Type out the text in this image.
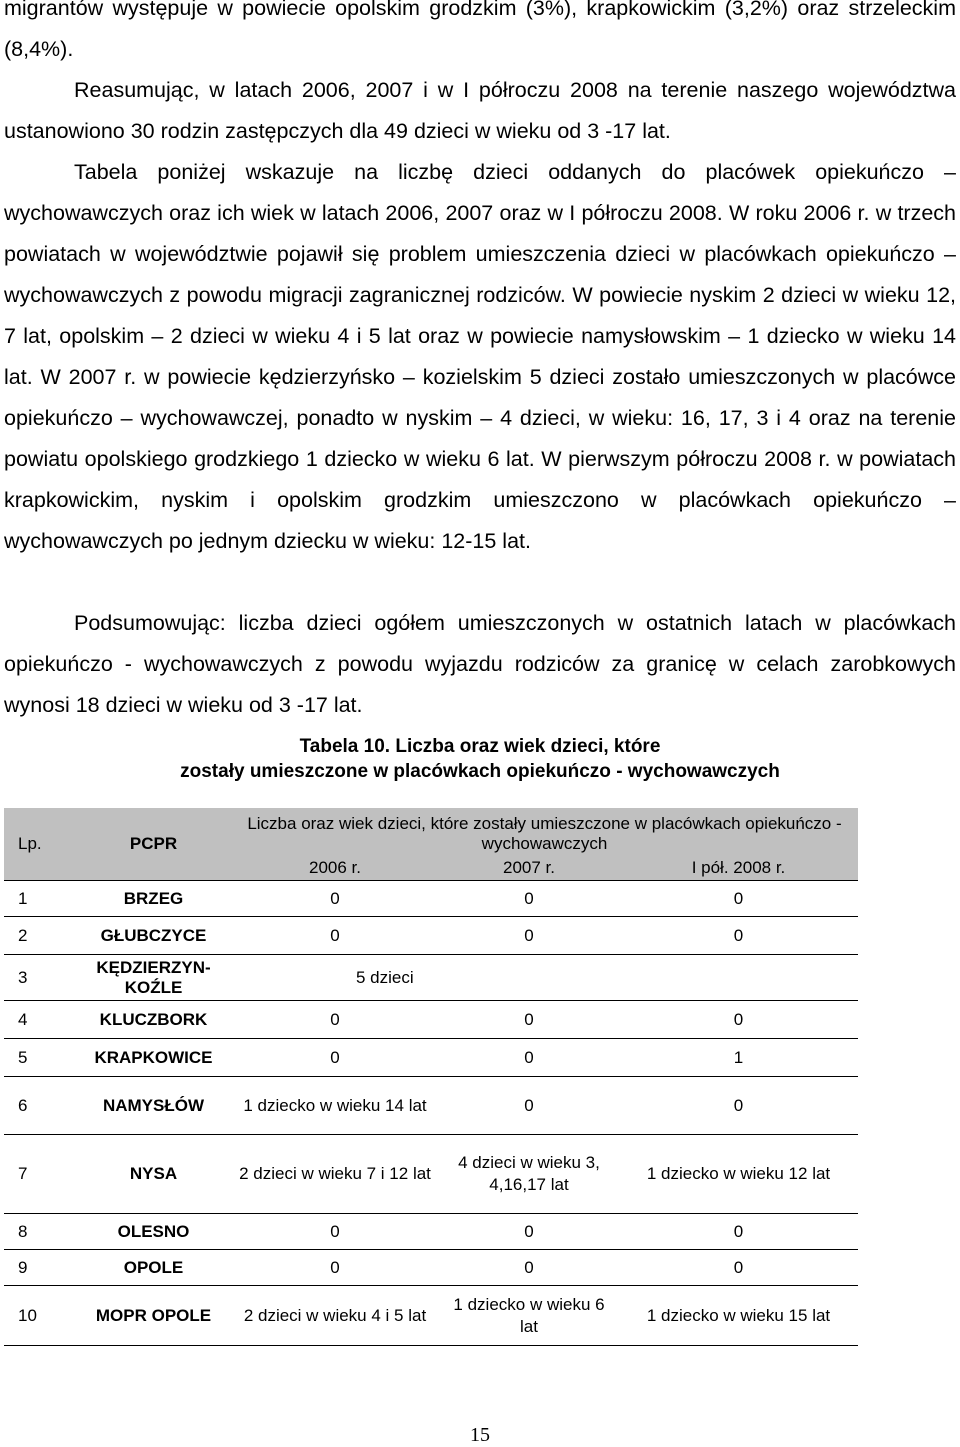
migrantów występuje w powiecie opolskim grodzkim (3%), krapkowickim (3,2%) oraz strzeleckim (8,4%).

Reasumując, w latach 2006, 2007 i w I półroczu 2008 na terenie naszego województwa ustanowiono 30 rodzin zastępczych dla 49 dzieci w wieku od 3 -17 lat.

Tabela poniżej wskazuje na liczbę dzieci oddanych do placówek opiekuńczo – wychowawczych oraz ich wiek w latach 2006, 2007 oraz w I półroczu 2008. W roku 2006 r. w trzech powiatach w województwie pojawił się problem umieszczenia dzieci w placówkach opiekuńczo – wychowawczych z powodu migracji zagranicznej rodziców. W powiecie nyskim 2 dzieci w wieku 12, 7 lat, opolskim – 2 dzieci w wieku 4 i 5 lat oraz w powiecie namysłowskim – 1 dziecko w wieku 14 lat. W 2007 r. w powiecie kędzierzyńsko – kozielskim 5 dzieci zostało umieszczonych w placówce opiekuńczo – wychowawczej, ponadto w nyskim – 4 dzieci, w wieku: 16, 17, 3 i 4 oraz na terenie powiatu opolskiego grodzkiego 1 dziecko w wieku 6 lat. W pierwszym półroczu 2008 r. w powiatach krapkowickim, nyskim i opolskim grodzkim umieszczono w placówkach opiekuńczo – wychowawczych po jednym dziecku w wieku: 12-15 lat.

Podsumowując: liczba dzieci ogółem umieszczonych w ostatnich latach w placówkach opiekuńczo - wychowawczych z powodu wyjazdu rodziców za granicę w celach zarobkowych wynosi 18 dzieci w wieku od 3 -17 lat.

Tabela 10. Liczba oraz wiek dzieci, które
zostały umieszczone w placówkach opiekuńczo - wychowawczych
Lp.	PCPR	Liczba oraz wiek dzieci, które zostały umieszczone w placówkach opiekuńczo - wychowawczych		
		2006 r.	2007 r.	I pół. 2008 r.
1	BRZEG	0	0	0
2	GŁUBCZYCE	0	0	0
3	KĘDZIERZYN-KOŹLE	5 dzieci		
4	KLUCZBORK	0	0	0
5	KRAPKOWICE	0	0	1
6	NAMYSŁÓW	1 dziecko w wieku 14 lat	0	0
7	NYSA	2 dzieci w wieku 7 i 12 lat	4 dzieci w wieku 3, 4,16,17 lat	1 dziecko w wieku 12 lat
8	OLESNO	0	0	0
9	OPOLE	0	0	0
10	MOPR OPOLE	2 dzieci w wieku 4 i 5 lat	1 dziecko w wieku 6 lat	1 dziecko w wieku 15 lat
15
